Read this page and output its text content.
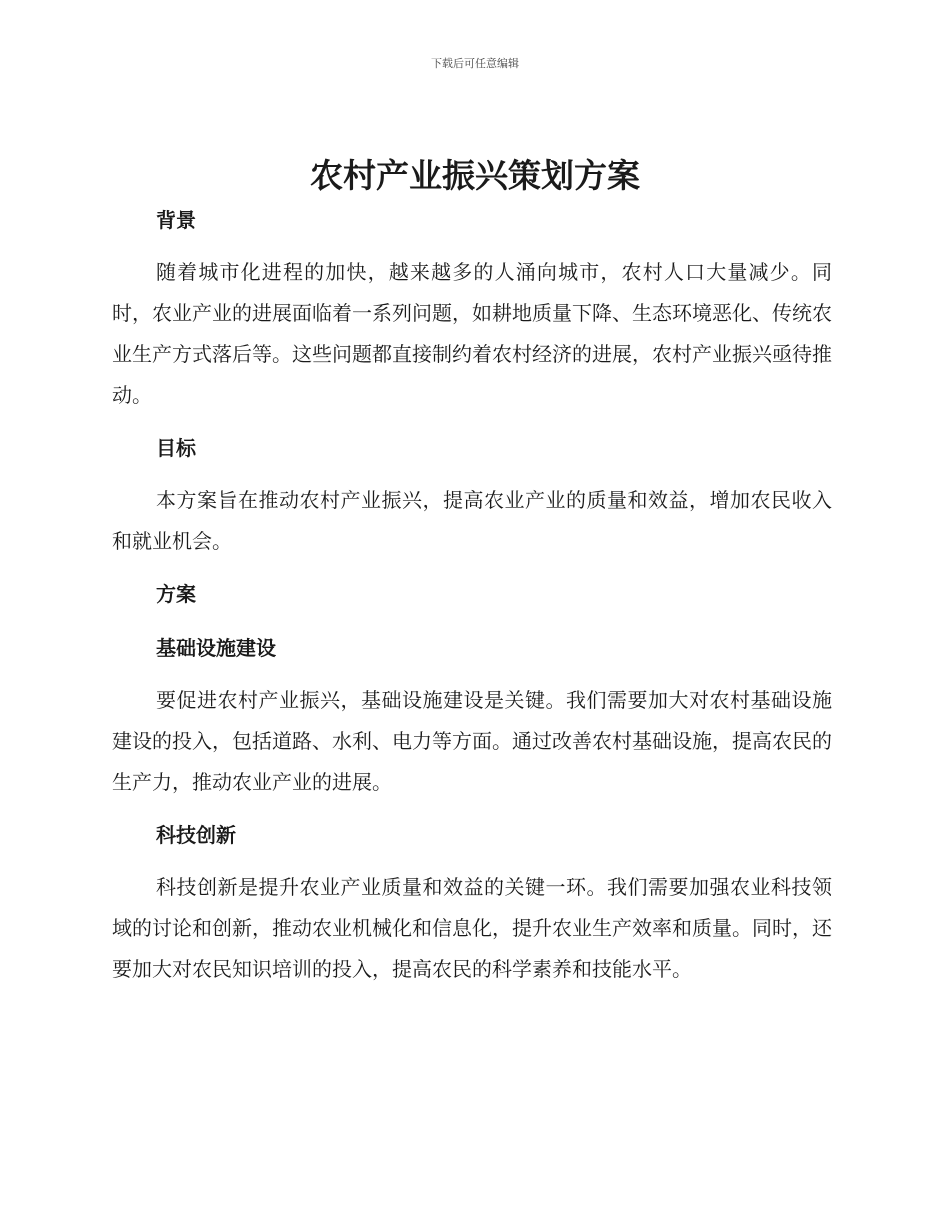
下载后可任意编辑
农村产业振兴策划方案
背景

随着城市化进程的加快，越来越多的人涌向城市，农村人口大量减少。同时，农业产业的进展面临着一系列问题，如耕地质量下降、生态环境恶化、传统农业生产方式落后等。这些问题都直接制约着农村经济的进展，农村产业振兴亟待推动。

目标

本方案旨在推动农村产业振兴，提高农业产业的质量和效益，增加农民收入和就业机会。

方案
基础设施建设

要促进农村产业振兴，基础设施建设是关键。我们需要加大对农村基础设施建设的投入，包括道路、水利、电力等方面。通过改善农村基础设施，提高农民的生产力，推动农业产业的进展。

科技创新

科技创新是提升农业产业质量和效益的关键一环。我们需要加强农业科技领域的讨论和创新，推动农业机械化和信息化，提升农业生产效率和质量。同时，还要加大对农民知识培训的投入，提高农民的科学素养和技能水平。
